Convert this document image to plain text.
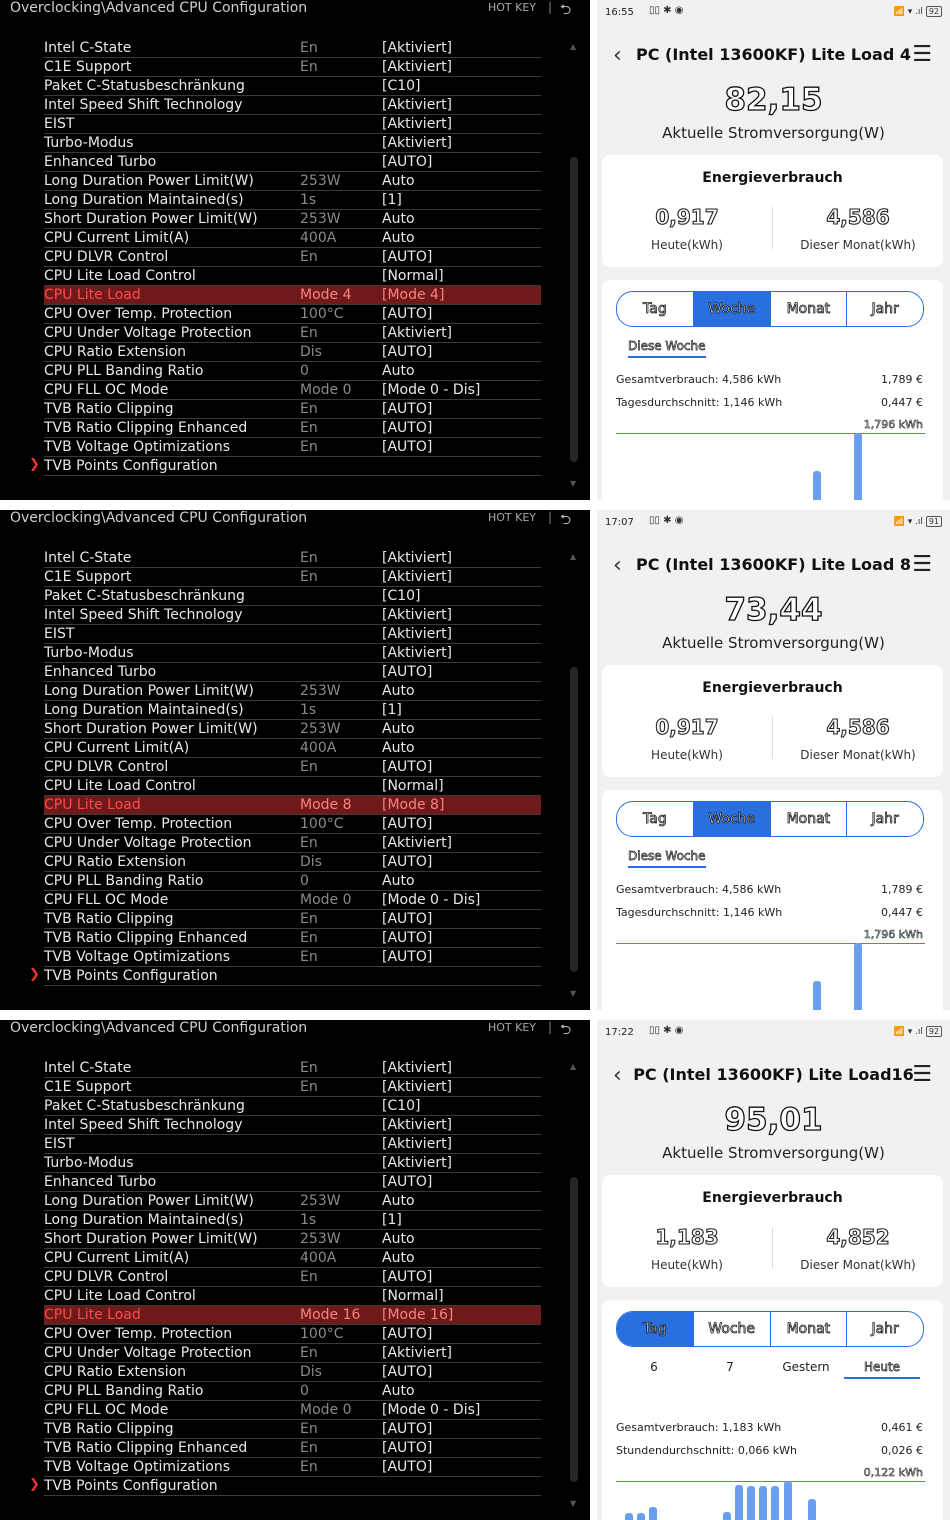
Overclocking\Advanced CPU Configuration	HOT KEY | ⮌
Intel C-State	En	[Aktiviert]
C1E Support	En	[Aktiviert]
Paket C-Statusbeschränkung	[C10]
Intel Speed Shift Technology	[Aktiviert]
EIST	[Aktiviert]
Turbo-Modus	[Aktiviert]
Enhanced Turbo	[AUTO]
Long Duration Power Limit(W)	253W	Auto
Long Duration Maintained(s)	1s	[1]
Short Duration Power Limit(W)	253W	Auto
CPU Current Limit(A)	400A	Auto
CPU DLVR Control	En	[AUTO]
CPU Lite Load Control	[Normal]
CPU Lite Load	Mode 4 [Mode 4]
CPU Over Temp. Protection	100°C	[AUTO]
CPU Under Voltage Protection	En	[Aktiviert]
CPU Ratio Extension	Dis	[AUTO]
CPU PLL Banding Ratio	0	Auto
CPU FLL OC Mode	Mode 0 [Mode 0 - Dis]
TVB Ratio Clipping	En	[AUTO]
TVB Ratio Clipping Enhanced	En	[AUTO]
TVB Voltage Optimizations	En	[AUTO]
❯ TVB Points Configuration
▲
▼
16:55 ▯▯ ✱ ◉	📶 ▾ .ıl 92
‹ PC (Intel 13600KF) Lite Load 4 ☰
82,15
Aktuelle Stromversorgung(W)
Energieverbrauch
0,917	4,586
Heute(kWh)	Dieser Monat(kWh)
Tag	Woche	Monat	Jahr
Diese Woche
Gesamtverbrauch: 4,586 kWh	1,789 €
Tagesdurchschnitt: 1,146 kWh	0,447 €
1,796 kWh
Overclocking\Advanced CPU Configuration	HOT KEY | ⮌
Intel C-State	En	[Aktiviert]
C1E Support	En	[Aktiviert]
Paket C-Statusbeschränkung	[C10]
Intel Speed Shift Technology	[Aktiviert]
EIST	[Aktiviert]
Turbo-Modus	[Aktiviert]
Enhanced Turbo	[AUTO]
Long Duration Power Limit(W)	253W	Auto
Long Duration Maintained(s)	1s	[1]
Short Duration Power Limit(W)	253W	Auto
CPU Current Limit(A)	400A	Auto
CPU DLVR Control	En	[AUTO]
CPU Lite Load Control	[Normal]
CPU Lite Load	Mode 8 [Mode 8]
CPU Over Temp. Protection	100°C	[AUTO]
CPU Under Voltage Protection	En	[Aktiviert]
CPU Ratio Extension	Dis	[AUTO]
CPU PLL Banding Ratio	0	Auto
CPU FLL OC Mode	Mode 0 [Mode 0 - Dis]
TVB Ratio Clipping	En	[AUTO]
TVB Ratio Clipping Enhanced	En	[AUTO]
TVB Voltage Optimizations	En	[AUTO]
❯ TVB Points Configuration
▲
▼
17:07 ▯▯ ✱ ◉	📶 ▾ .ıl 91
‹ PC (Intel 13600KF) Lite Load 8 ☰
73,44
Aktuelle Stromversorgung(W)
Energieverbrauch
0,917	4,586
Heute(kWh)	Dieser Monat(kWh)
Tag	Woche	Monat	Jahr
Diese Woche
Gesamtverbrauch: 4,586 kWh	1,789 €
Tagesdurchschnitt: 1,146 kWh	0,447 €
1,796 kWh
Overclocking\Advanced CPU Configuration	HOT KEY | ⮌
Intel C-State	En	[Aktiviert]
C1E Support	En	[Aktiviert]
Paket C-Statusbeschränkung	[C10]
Intel Speed Shift Technology	[Aktiviert]
EIST	[Aktiviert]
Turbo-Modus	[Aktiviert]
Enhanced Turbo	[AUTO]
Long Duration Power Limit(W)	253W	Auto
Long Duration Maintained(s)	1s	[1]
Short Duration Power Limit(W)	253W	Auto
CPU Current Limit(A)	400A	Auto
CPU DLVR Control	En	[AUTO]
CPU Lite Load Control	[Normal]
CPU Lite Load	Mode 16 [Mode 16]
CPU Over Temp. Protection	100°C	[AUTO]
CPU Under Voltage Protection	En	[Aktiviert]
CPU Ratio Extension	Dis	[AUTO]
CPU PLL Banding Ratio	0	Auto
CPU FLL OC Mode	Mode 0 [Mode 0 - Dis]
TVB Ratio Clipping	En	[AUTO]
TVB Ratio Clipping Enhanced	En	[AUTO]
TVB Voltage Optimizations	En	[AUTO]
❯ TVB Points Configuration
▲
▼
17:22 ▯▯ ✱ ◉	📶 ▾ .ıl 92
‹ PC (Intel 13600KF) Lite Load16
☰
95,01
Aktuelle Stromversorgung(W)
Energieverbrauch
1,183	4,852
Heute(kWh)	Dieser Monat(kWh)
Tag	Woche	Monat	Jahr
6	7	Gestern	Heute
Gesamtverbrauch: 1,183 kWh	0,461 €
Stundendurchschnitt: 0,066 kWh	0,026 €
0,122 kWh
